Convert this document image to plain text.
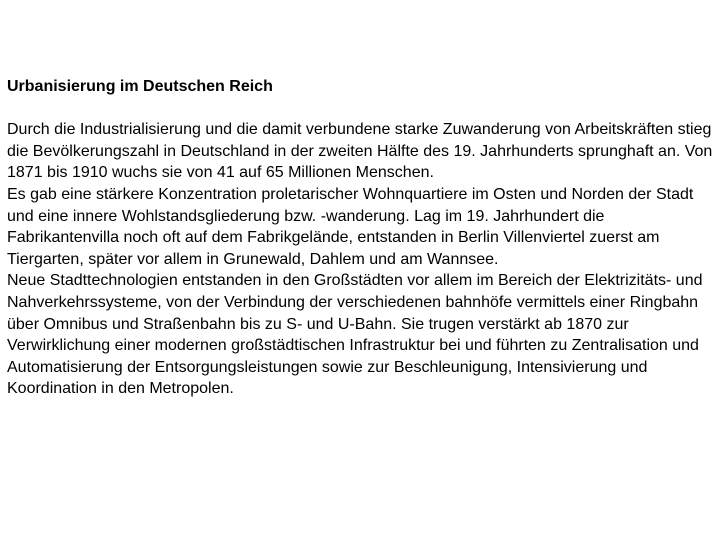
Urbanisierung im Deutschen Reich

Durch die Industrialisierung und die damit verbundene starke Zuwanderung von Arbeitskräften stieg die Bevölkerungszahl in Deutschland in der zweiten Hälfte des 19. Jahrhunderts sprunghaft an. Von 1871 bis 1910 wuchs sie von 41 auf 65 Millionen Menschen.

Es gab eine stärkere Konzentration proletarischer Wohnquartiere im Osten und Norden der Stadt und eine innere Wohlstandsgliederung bzw. -wanderung. Lag im 19. Jahrhundert die Fabrikantenvilla noch oft auf dem Fabrikgelände, entstanden in Berlin Villenviertel zuerst am Tiergarten, später vor allem in Grunewald, Dahlem und am Wannsee.

Neue Stadttechnologien entstanden in den Großstädten vor allem im Bereich der Elektrizitäts- und Nahverkehrssysteme, von der Verbindung der verschiedenen bahnhöfe vermittels einer Ringbahn über Omnibus und Straßenbahn bis zu S- und U-Bahn. Sie trugen verstärkt ab 1870 zur Verwirklichung einer modernen großstädtischen Infrastruktur bei und führten zu Zentralisation und Automatisierung der Entsorgungsleistungen sowie zur Beschleunigung, Intensivierung und Koordination in den Metropolen.
